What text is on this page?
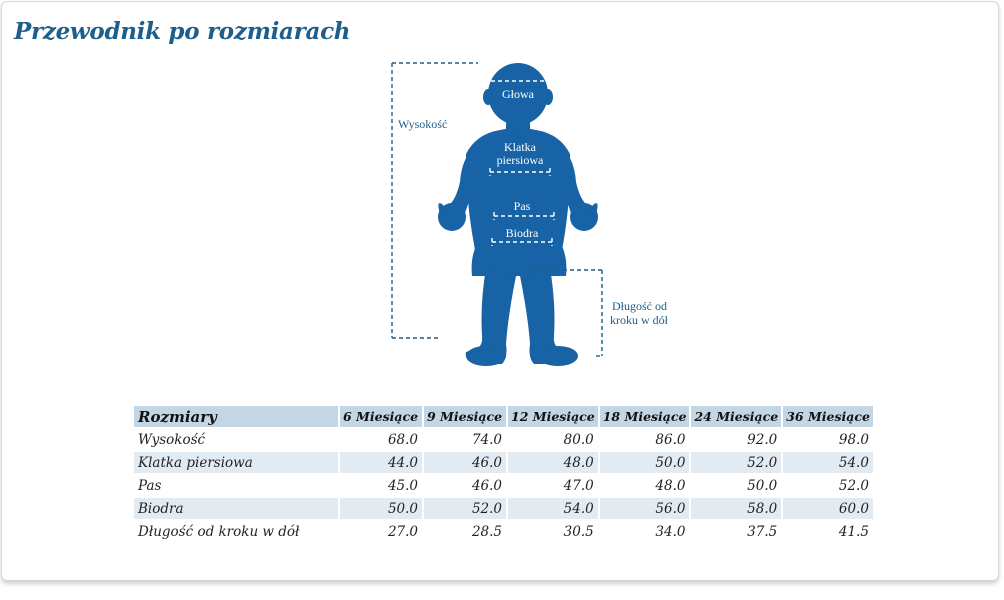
Przewodnik po rozmiarach
Głowa
Klatka
piersiowa
Pas
Biodra
Wysokość
Długość od
kroku w dół
Rozmiary	6 Miesiące	9 Miesiące	12 Miesiące	18 Miesiące	24 Miesiące	36 Miesiące
Wysokość	68.0	74.0	80.0	86.0	92.0	98.0
Klatka piersiowa	44.0	46.0	48.0	50.0	52.0	54.0
Pas	45.0	46.0	47.0	48.0	50.0	52.0
Biodra	50.0	52.0	54.0	56.0	58.0	60.0
Długość od kroku w dół	27.0	28.5	30.5	34.0	37.5	41.5
